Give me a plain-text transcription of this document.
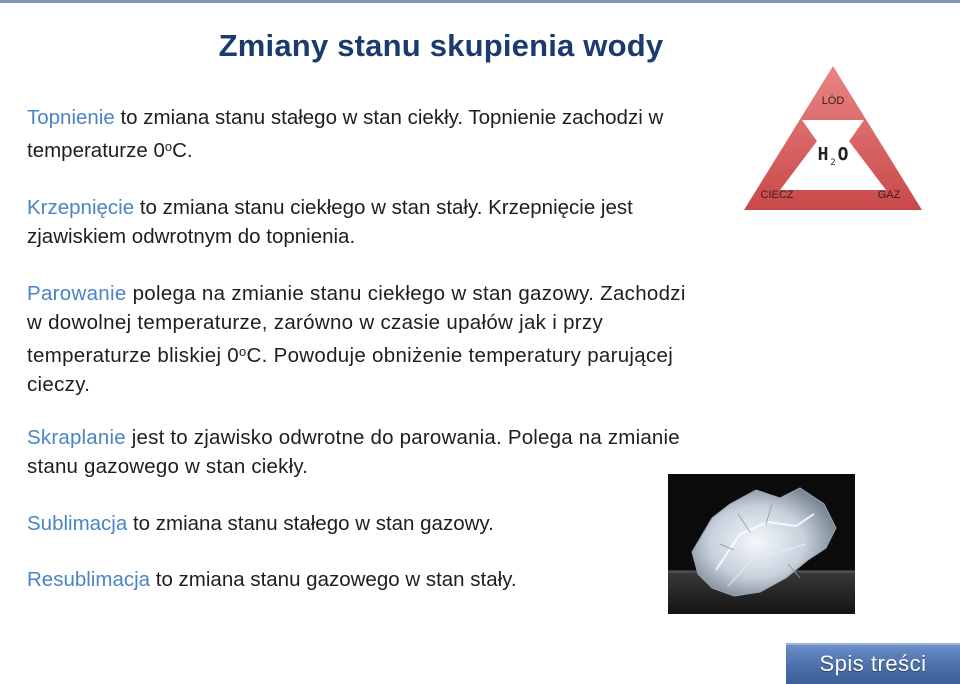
Zmiany stanu skupienia wody
Topnienie to zmiana stanu stałego w stan ciekły. Topnienie zachodzi w temperaturze 0$^o$C.
Krzepnięcie to zmiana stanu ciekłego w stan stały. Krzepnięcie jest zjawiskiem odwrotnym do topnienia.
Parowanie polega na zmianie stanu ciekłego w stan gazowy. Zachodzi w dowolnej temperaturze, zarówno w czasie upałów jak i przy temperaturze bliskiej 0$^o$C. Powoduje obniżenie temperatury parującej cieczy.
Skraplanie jest to zjawisko odwrotne do parowania. Polega na zmianie stanu gazowego w stan ciekły.
Sublimacja to zmiana stanu stałego w stan gazowy.
Resublimacja to zmiana stanu gazowego w stan stały.
LÓD
CIECZ	GAZ
H 2 O
Spis treści
